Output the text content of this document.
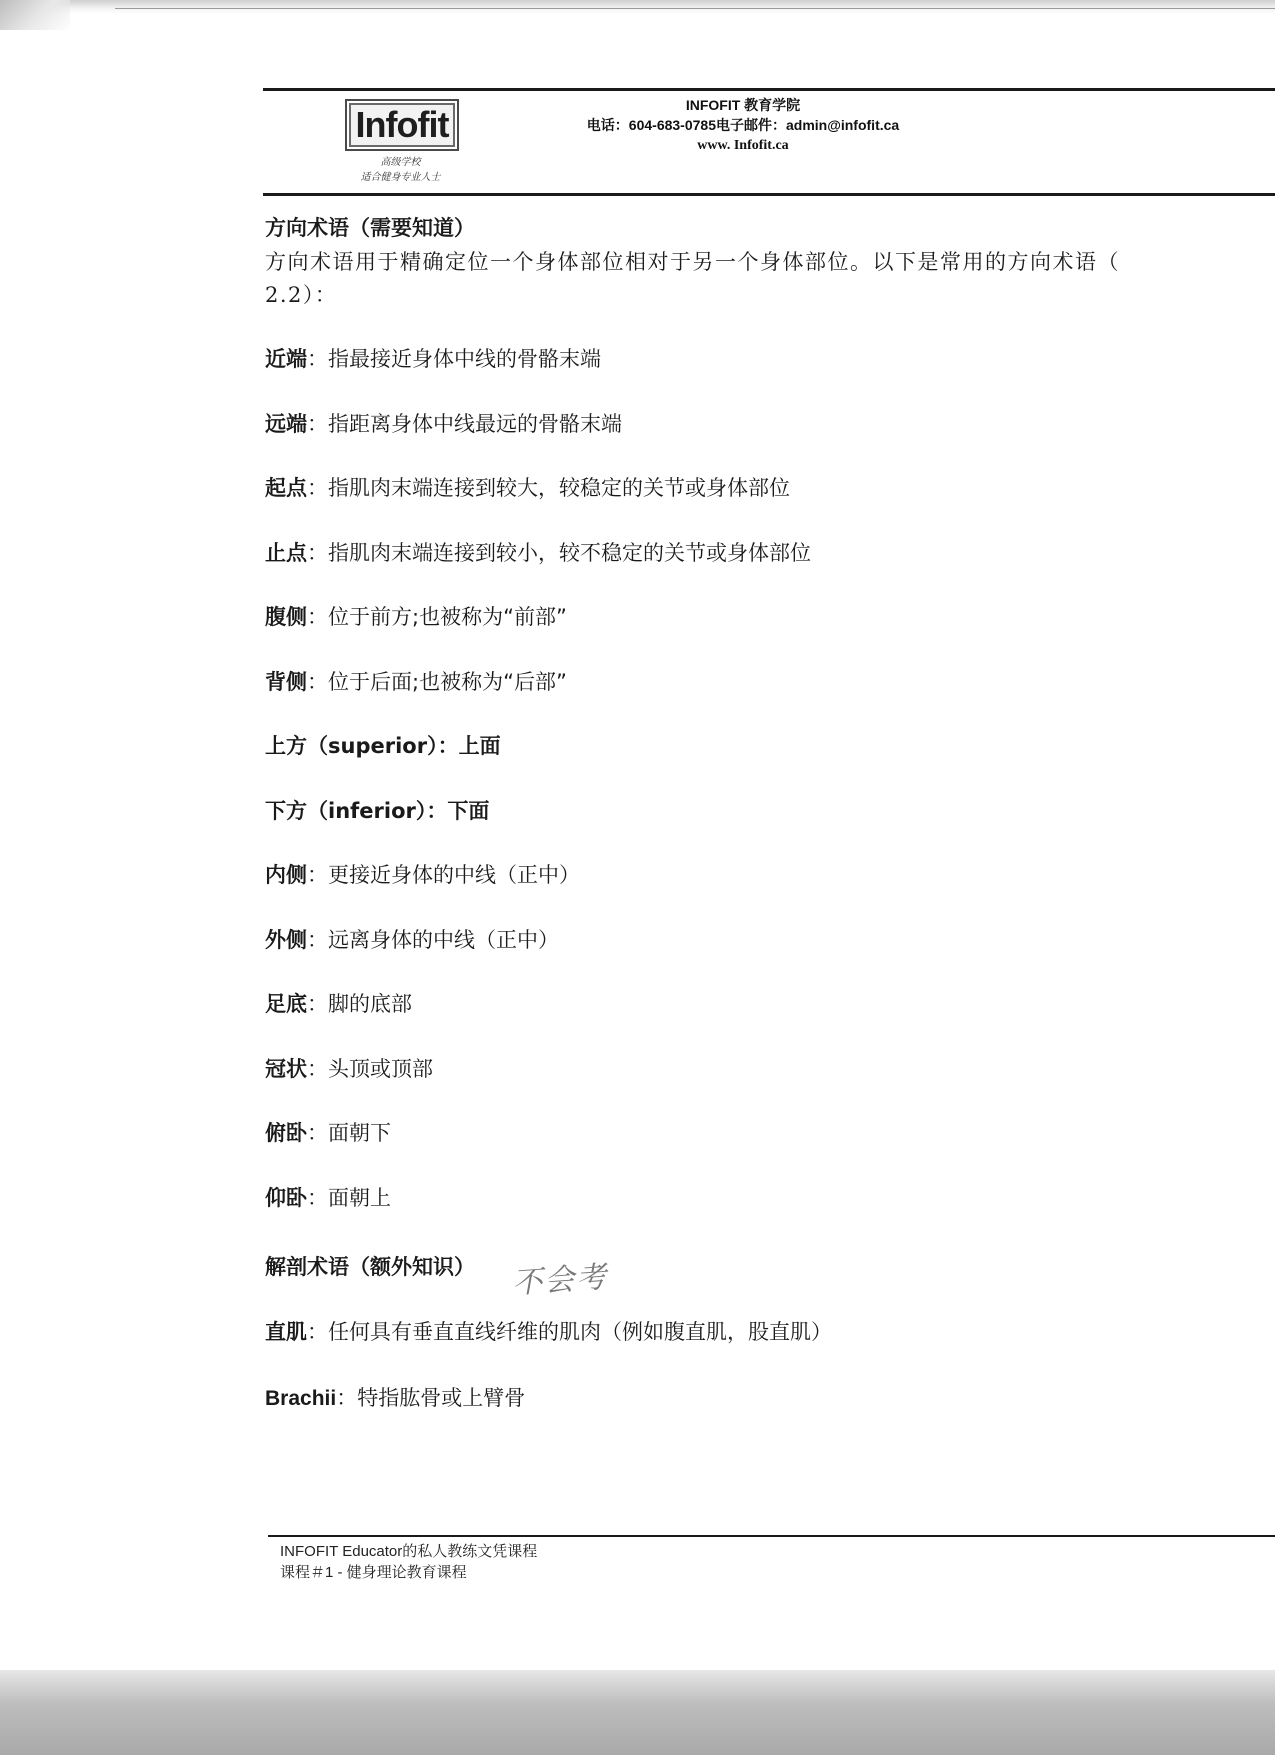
Infofit
高级学校
适合健身专业人士
INFOFIT 教育学院
电话：604-683-0785电子邮件：admin@infofit.ca
www. Infofit.ca
方向术语（需要知道）
方向术语用于精确定位一个身体部位相对于另一个身体部位。以下是常用的方向术语（
2.2）：
近端：指最接近身体中线的骨骼末端
远端：指距离身体中线最远的骨骼末端
起点：指肌肉末端连接到较大，较稳定的关节或身体部位
止点：指肌肉末端连接到较小，较不稳定的关节或身体部位
腹侧：位于前方;也被称为“前部”
背侧：位于后面;也被称为“后部”
上方（superior）：上面
下方（inferior）：下面
内侧：更接近身体的中线（正中）
外侧：远离身体的中线（正中）
足底：脚的底部
冠状：头顶或顶部
俯卧：面朝下
仰卧：面朝上
解剖术语（额外知识）	不会考
直肌：任何具有垂直直线纤维的肌肉（例如腹直肌，股直肌）
Brachii：特指肱骨或上臂骨
INFOFIT Educator的私人教练文凭课程
课程＃1 - 健身理论教育课程
